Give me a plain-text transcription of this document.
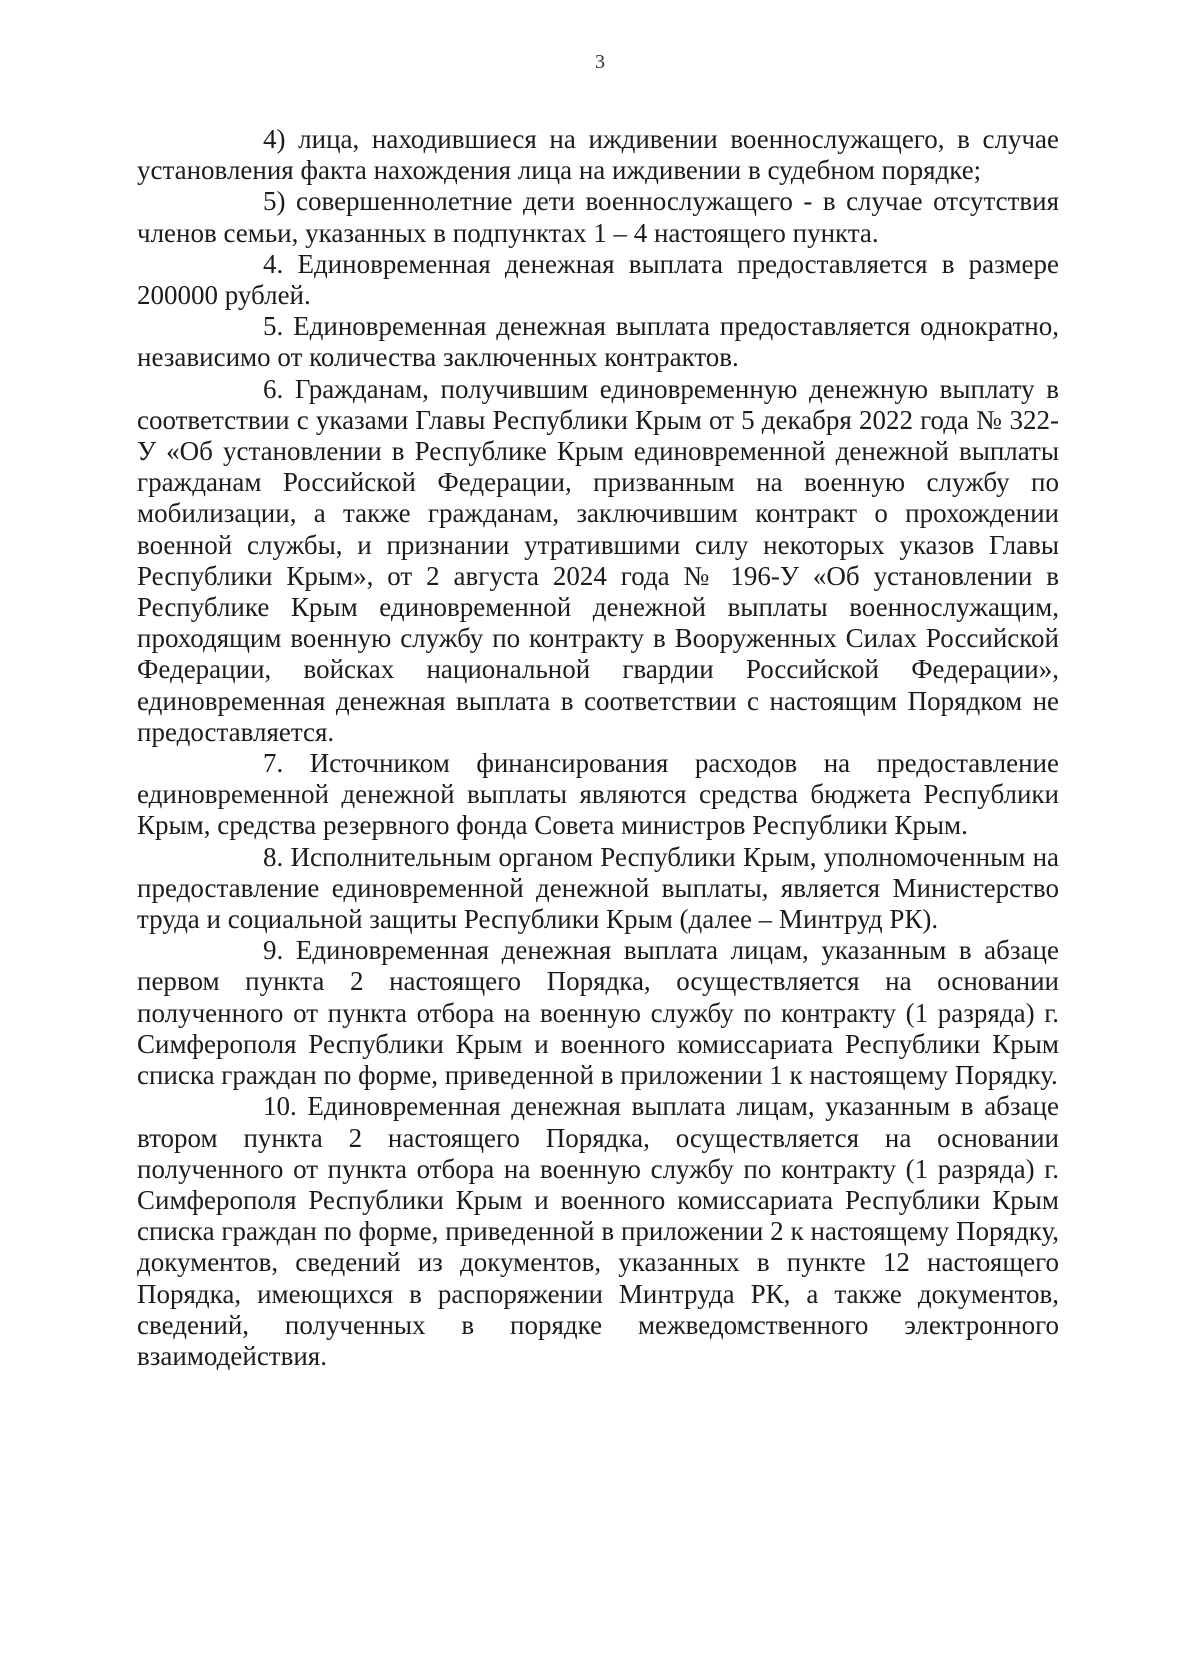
3

4) лица, находившиеся на иждивении военнослужащего, в случае установления факта нахождения лица на иждивении в судебном порядке;

5) совершеннолетние дети военнослужащего - в случае отсутствия членов семьи, указанных в подпунктах 1 – 4 настоящего пункта.

4. Единовременная денежная выплата предоставляется в размере 200000 рублей.

5. Единовременная денежная выплата предоставляется однократно, независимо от количества заключенных контрактов.

6. Гражданам, получившим единовременную денежную выплату в соответствии с указами Главы Республики Крым от 5 декабря 2022 года № 322-У «Об установлении в Республике Крым единовременной денежной выплаты гражданам Российской Федерации, призванным на военную службу по мобилизации, а также гражданам, заключившим контракт о прохождении военной службы, и признании утратившими силу некоторых указов Главы Республики Крым», от 2 августа 2024 года № 196-У «Об установлении в Республике Крым единовременной денежной выплаты военнослужащим, проходящим военную службу по контракту в Вооруженных Силах Российской Федерации, войсках национальной гвардии Российской Федерации», единовременная денежная выплата в соответствии с настоящим Порядком не предоставляется.

7. Источником финансирования расходов на предоставление единовременной денежной выплаты являются средства бюджета Республики Крым, средства резервного фонда Совета министров Республики Крым.

8. Исполнительным органом Республики Крым, уполномоченным на предоставление единовременной денежной выплаты, является Министерство труда и социальной защиты Республики Крым (далее – Минтруд РК).

9. Единовременная денежная выплата лицам, указанным в абзаце первом пункта 2 настоящего Порядка, осуществляется на основании полученного от пункта отбора на военную службу по контракту (1 разряда) г. Симферополя Республики Крым и военного комиссариата Республики Крым списка граждан по форме, приведенной в приложении 1 к настоящему Порядку.

10. Единовременная денежная выплата лицам, указанным в абзаце втором пункта 2 настоящего Порядка, осуществляется на основании полученного от пункта отбора на военную службу по контракту (1 разряда) г. Симферополя Республики Крым и военного комиссариата Республики Крым списка граждан по форме, приведенной в приложении 2 к настоящему Порядку, документов, сведений из документов, указанных в пункте 12 настоящего Порядка, имеющихся в распоряжении Минтруда РК, а также документов, сведений, полученных в порядке межведомственного электронного взаимодействия.
